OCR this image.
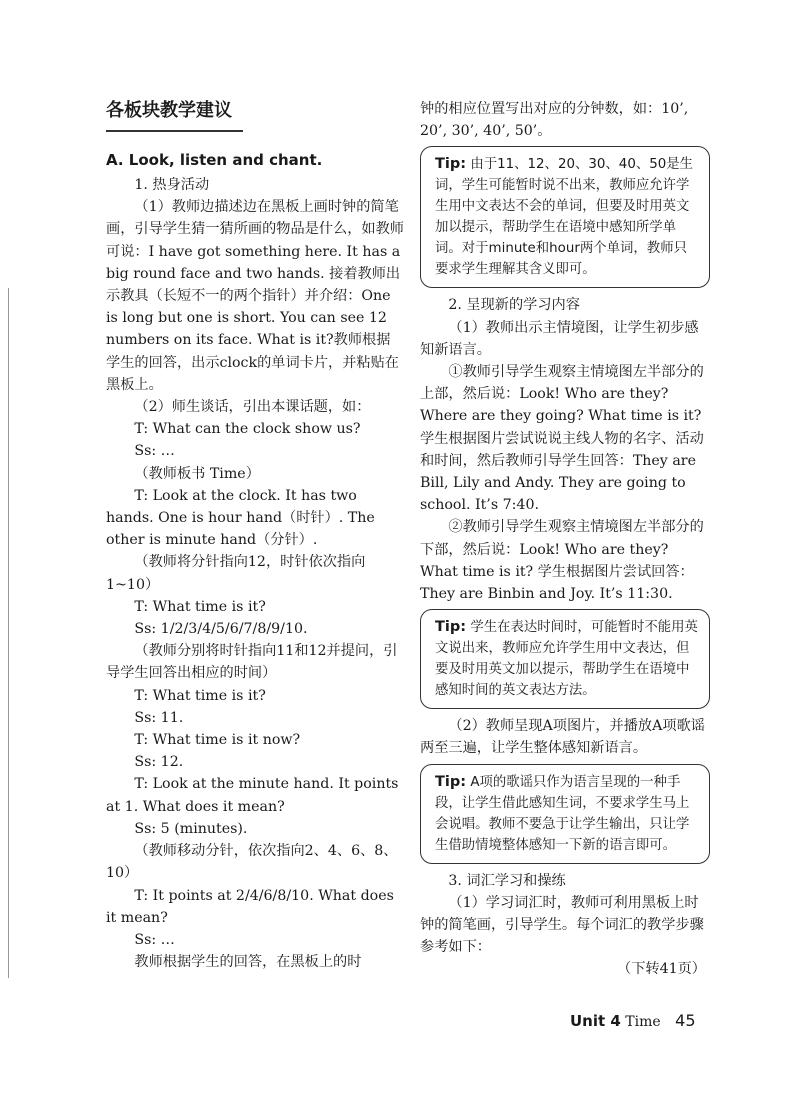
各板块教学建议
A. Look, listen and chant.

1. 热身活动

（1）教师边描述边在黑板上画时钟的简笔画，引导学生猜一猜所画的物品是什么，如教师可说：I have got something here. It has a big round face and two hands. 接着教师出示教具（长短不一的两个指针）并介绍：One is long but one is short. You can see 12 numbers on its face. What is it?教师根据学生的回答，出示clock的单词卡片，并粘贴在黑板上。

（2）师生谈话，引出本课话题，如：

T: What can the clock show us?

Ss: …

（教师板书 Time）

T: Look at the clock. It has two hands. One is hour hand（时针）. The other is minute hand（分针）.

（教师将分针指向12，时针依次指向1~10）

T: What time is it?

Ss: 1/2/3/4/5/6/7/8/9/10.

（教师分别将时针指向11和12并提问，引导学生回答出相应的时间）

T: What time is it?

Ss: 11.

T: What time is it now?

Ss: 12.

T: Look at the minute hand. It points at 1. What does it mean?

Ss: 5 (minutes).

（教师移动分针，依次指向2、4、6、8、10）

T: It points at 2/4/6/8/10. What does it mean?

Ss: …

教师根据学生的回答，在黑板上的时

钟的相应位置写出对应的分钟数，如：10’, 20’, 30’, 40’, 50’。

Tip: 由于11、12、20、30、40、50是生词，学生可能暂时说不出来，教师应允许学生用中文表达不会的单词，但要及时用英文加以提示，帮助学生在语境中感知所学单词。对于minute和hour两个单词，教师只要求学生理解其含义即可。

2. 呈现新的学习内容

（1）教师出示主情境图，让学生初步感知新语言。

①教师引导学生观察主情境图左半部分的上部，然后说：Look! Who are they? Where are they going? What time is it? 学生根据图片尝试说说主线人物的名字、活动和时间，然后教师引导学生回答：They are Bill, Lily and Andy. They are going to school. It’s 7:40.

②教师引导学生观察主情境图左半部分的下部，然后说：Look! Who are they? What time is it? 学生根据图片尝试回答：They are Binbin and Joy. It’s 11:30.

Tip: 学生在表达时间时，可能暂时不能用英文说出来，教师应允许学生用中文表达，但要及时用英文加以提示，帮助学生在语境中感知时间的英文表达方法。

（2）教师呈现A项图片，并播放A项歌谣两至三遍，让学生整体感知新语言。

Tip: A项的歌谣只作为语言呈现的一种手段，让学生借此感知生词，不要求学生马上会说唱。教师不要急于让学生输出，只让学生借助情境整体感知一下新的语言即可。

3. 词汇学习和操练

（1）学习词汇时，教师可利用黑板上时钟的简笔画，引导学生。每个词汇的教学步骤参考如下：

（下转41页）

Unit 4 Time 45
